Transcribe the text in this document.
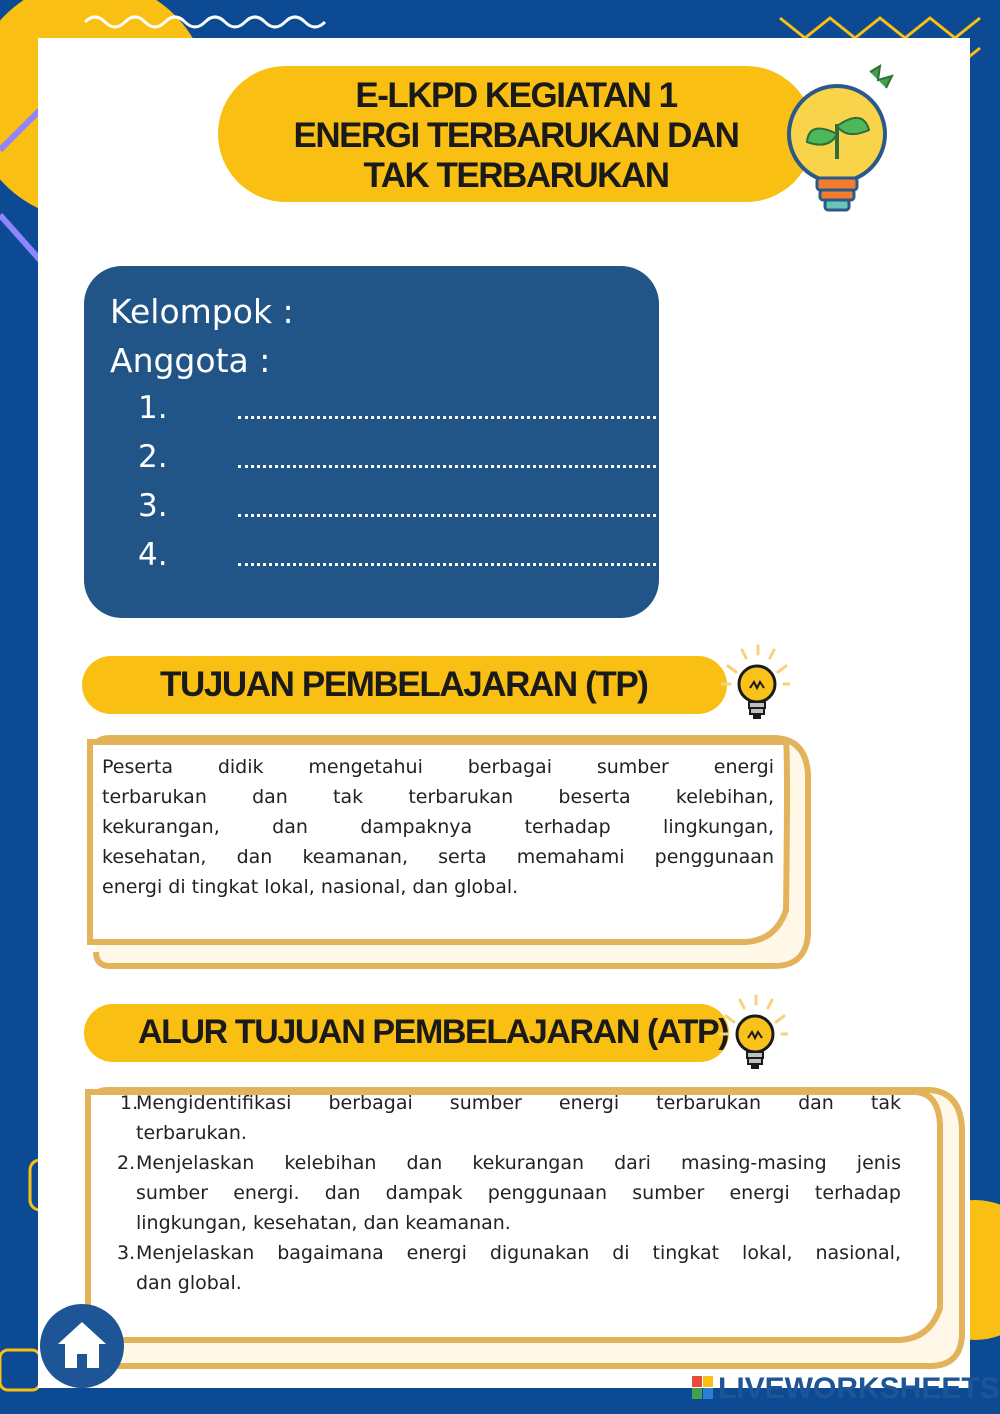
E-LKPD KEGIATAN 1
ENERGI TERBARUKAN DAN
TAK TERBARUKAN
Kelompok :
Anggota :
1.
2.
3.
4.
TUJUAN PEMBELAJARAN (TP)
Peserta didik mengetahui berbagai sumber energi
terbarukan dan tak terbarukan beserta kelebihan,
kekurangan, dan dampaknya terhadap lingkungan,
kesehatan, dan keamanan, serta memahami penggunaan
energi di tingkat lokal, nasional, dan global.
ALUR TUJUAN PEMBELAJARAN (ATP)
1.
Mengidentifikasi berbagai sumber energi terbarukan dan tak
terbarukan.
2. Menjelaskan kelebihan dan kekurangan dari masing-masing jenis
sumber energi. dan dampak penggunaan sumber energi terhadap
lingkungan, kesehatan, dan keamanan.
3. Menjelaskan bagaimana energi digunakan di tingkat lokal, nasional,
dan global.
LIVEWORKSHEETS
